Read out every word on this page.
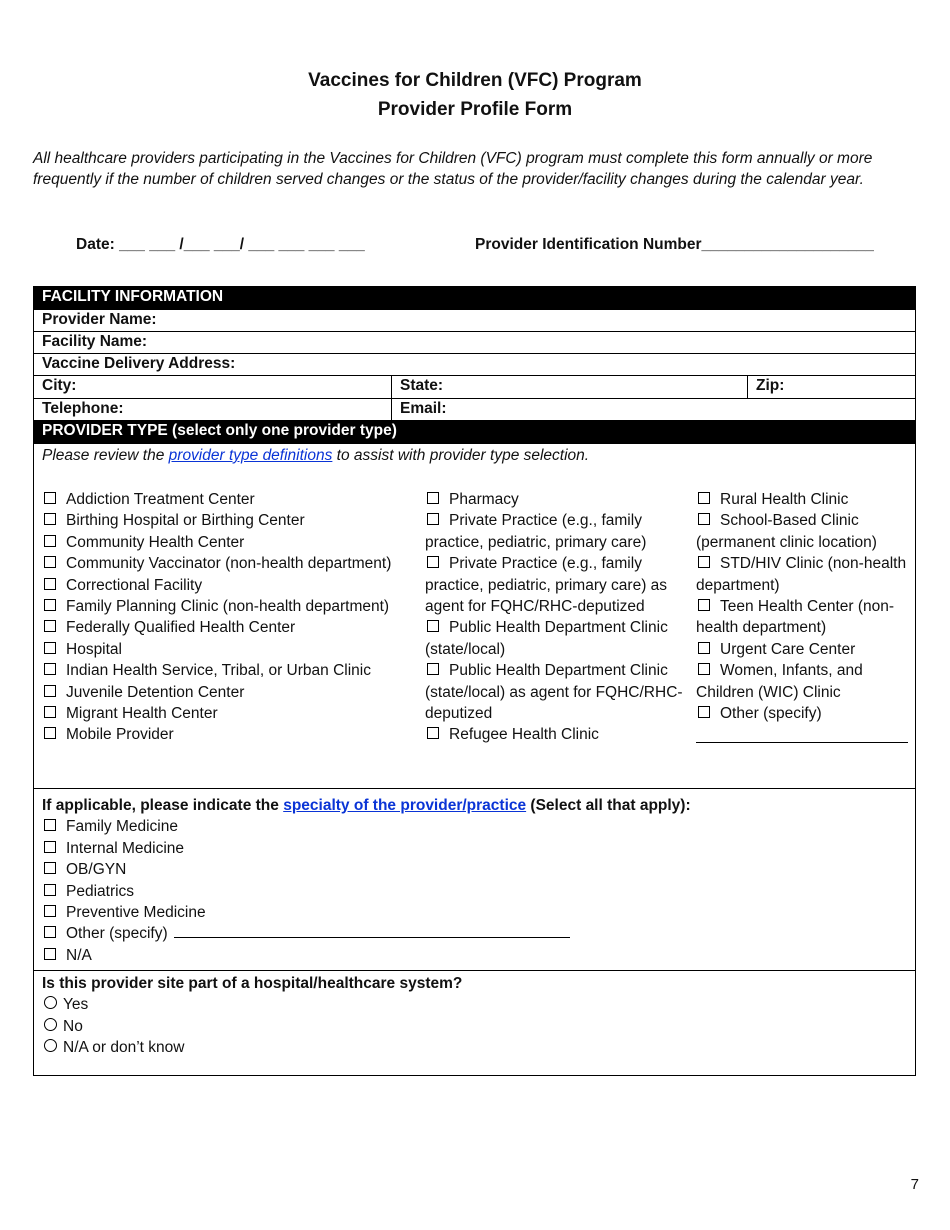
Vaccines for Children (VFC) Program
Provider Profile Form
All healthcare providers participating in the Vaccines for Children (VFC) program must complete this form annually or more frequently if the number of children served changes or the status of the provider/facility changes during the calendar year.
Date: ___ ___ /___ ___/ ___ ___ ___ ___	Provider Identification Number____________________
FACILITY INFORMATION
Provider Name:
Facility Name:
Vaccine Delivery Address:
City:	State:	Zip:
Telephone:	Email:
PROVIDER TYPE (select only one provider type)
Please review the provider type definitions to assist with provider type selection.
Addiction Treatment Center
Birthing Hospital or Birthing Center
Community Health Center
Community Vaccinator (non-health department)
Correctional Facility
Family Planning Clinic (non-health department)
Federally Qualified Health Center
Hospital
Indian Health Service, Tribal, or Urban Clinic
Juvenile Detention Center
Migrant Health Center
Mobile Provider
Pharmacy
Private Practice (e.g., family practice, pediatric, primary care)
Private Practice (e.g., family practice, pediatric, primary care) as agent for FQHC/RHC-deputized
Public Health Department Clinic (state/local)
Public Health Department Clinic (state/local) as agent for FQHC/RHC-deputized
Refugee Health Clinic
Rural Health Clinic
School-Based Clinic (permanent clinic location)
STD/HIV Clinic (non-health department)
Teen Health Center (non-health department)
Urgent Care Center
Women, Infants, and Children (WIC) Clinic
Other (specify)
If applicable, please indicate the specialty of the provider/practice (Select all that apply):
Family Medicine
Internal Medicine
OB/GYN
Pediatrics
Preventive Medicine
Other (specify)
N/A
Is this provider site part of a hospital/healthcare system?
Yes
No
N/A or don’t know
7
